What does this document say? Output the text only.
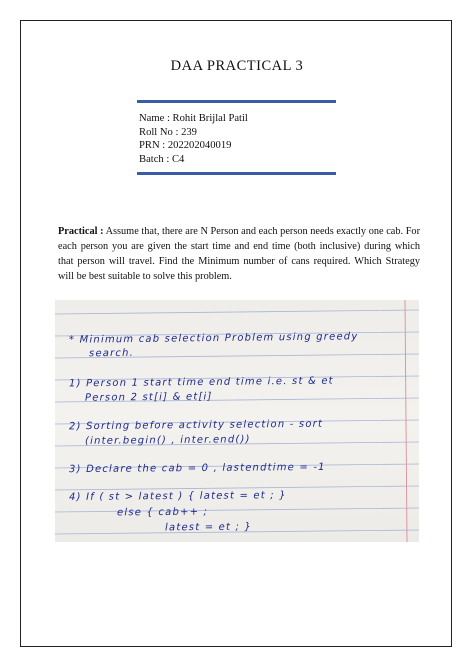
DAA PRACTICAL 3
Name : Rohit Brijlal Patil
Roll No : 239
PRN : 202202040019
Batch : C4
Practical : Assume that, there are N Person and each person needs exactly one cab. For each person you are given the start time and end time (both inclusive) during which that person will travel. Find the Minimum number of cans required. Which Strategy will be best suitable to solve this problem.
* Minimum cab selection Problem using greedy
search.
1) Person 1 start time end time i.e. st & et
Person 2 st[i] & et[i]
2) Sorting before activity selection - sort
(inter.begin() , inter.end())
3) Declare the cab = 0 , lastendtime = -1
4) If ( st > latest ) { latest = et ; }
else { cab++ ;
latest = et ; }
